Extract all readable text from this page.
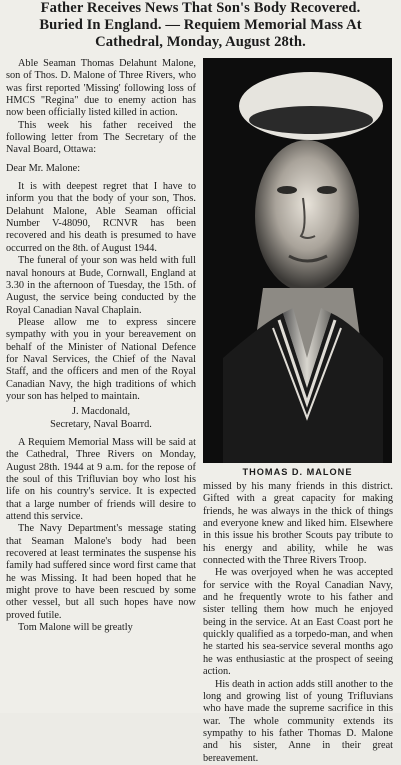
Father Receives News That Son's Body Recovered.
Buried In England. — Requiem Memorial Mass At
Cathedral, Monday, August 28th.

Able Seaman Thomas Delahunt Malone, son of Thos. D. Malone of Three Rivers, who was first reported 'Missing' following loss of HMCS "Regina" due to enemy action has now been officially listed killed in action.

This week his father received the following letter from The Secretary of the Naval Board, Ottawa:

Dear Mr. Malone:

It is with deepest regret that I have to inform you that the body of your son, Thos. Delahunt Malone, Able Seaman official Number V-48090, RCNVR has been recovered and his death is presumed to have occurred on the 8th. of August 1944.

The funeral of your son was held with full naval honours at Bude, Cornwall, England at 3.30 in the afternoon of Tuesday, the 15th. of August, the service being conducted by the Royal Canadian Naval Chaplain.

Please allow me to express sincere sympathy with you in your bereavement on behalf of the Minister of National Defence for Naval Services, the Chief of the Naval Staff, and the officers and men of the Royal Canadian Navy, the high traditions of which your son has helped to maintain.

J. Macdonald,

Secretary, Naval Boarrd.

A Requiem Memorial Mass will be said at the Cathedral, Three Rivers on Monday, August 28th. 1944 at 9 a.m. for the repose of the soul of this Trifluvian boy who lost his life on his country's service. It is expected that a large number of friends will desire to attend this service.

The Navy Department's message stating that Seaman Malone's body had been recovered at least terminates the suspense his family had suffered since word first came that he was Missing. It had been hoped that he might prove to have been rescued by some other vessel, but all such hopes have now proved futile.

Tom Malone will be greatly

THOMAS D. MALONE

missed by his many friends in this district. Gifted with a great capacity for making friends, he was always in the thick of things and everyone knew and liked him. Elsewhere in this issue his brother Scouts pay tribute to his energy and ability, while he was connected with the Three Rivers Troop.

He was overjoyed when he was accepted for service with the Royal Canadian Navy, and he frequently wrote to his father and sister telling them how much he enjoyed being in the service. At an East Coast port he quickly qualified as a torpedo-man, and when he started his sea-service several months ago he was enthusiastic at the prospect of seeing action.

His death in action adds still another to the long and growing list of young Trifluvians who have made the supreme sacrifice in this war. The whole community extends its sympathy to his father Thomas D. Malone and his sister, Anne in their great bereavement.
